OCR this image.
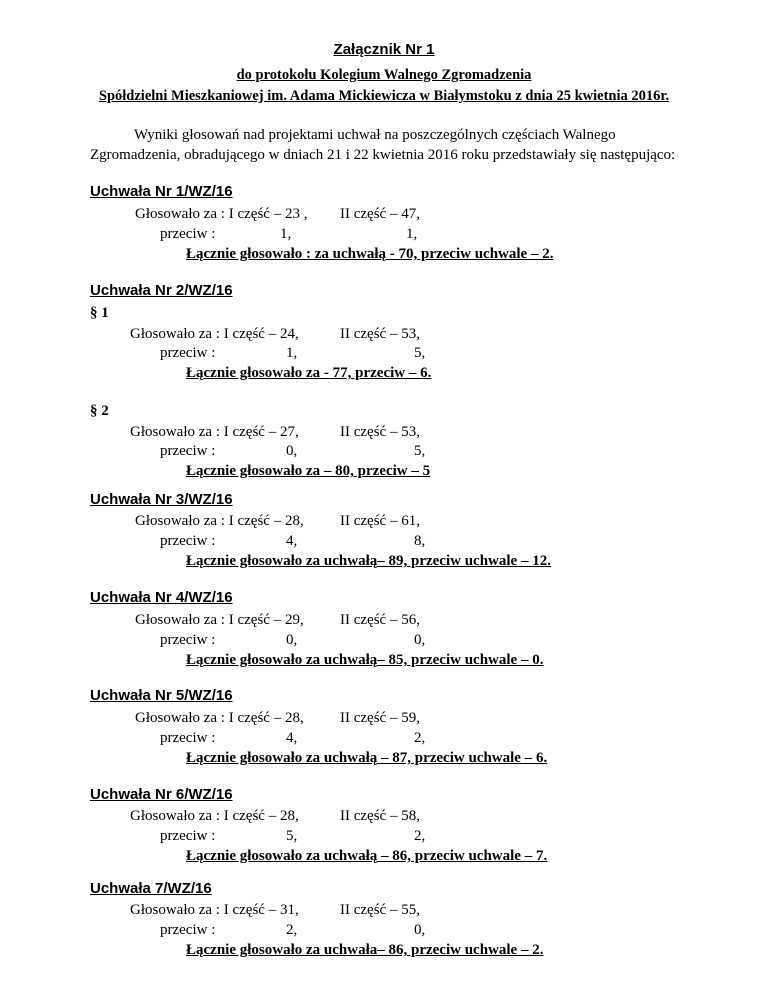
Załącznik Nr 1
do protokołu Kolegium Walnego Zgromadzenia
Spółdzielni Mieszkaniowej im. Adama Mickiewicza w Białymstoku z dnia 25 kwietnia 2016r.
Wyniki głosowań nad projektami uchwał na poszczególnych częściach Walnego
Zgromadzenia, obradującego w dniach 21 i 22 kwietnia 2016 roku przedstawiały się następująco:
Uchwała Nr 1/WZ/16
Głosowało za : I część – 23 , II część – 47,
przeciw :	1,	1,
Łącznie głosowało : za uchwałą - 70, przeciw uchwale – 2.
Uchwała Nr 2/WZ/16
§ 1
Głosowało za : I część – 24,	II część – 53,
przeciw :	1,	5,
Łącznie głosowało za - 77, przeciw – 6.
§ 2
Głosowało za : I część – 27,	II część – 53,
przeciw :	0,	5,
Łącznie głosowało za – 80, przeciw – 5
Uchwała Nr 3/WZ/16
Głosowało za : I część – 28, II część – 61,
przeciw :	4,	8,
Łącznie głosowało za uchwałą– 89, przeciw uchwale – 12.
Uchwała Nr 4/WZ/16
Głosowało za : I część – 29, II część – 56,
przeciw :	0,	0,
Łącznie głosowało za uchwałą– 85, przeciw uchwale – 0.
Uchwała Nr 5/WZ/16
Głosowało za : I część – 28, II część – 59,
przeciw :	4,	2,
Łącznie głosowało za uchwałą – 87, przeciw uchwale – 6.
Uchwała Nr 6/WZ/16
Głosowało za : I część – 28,	II część – 58,
przeciw :	5,	2,
Łącznie głosowało za uchwałą – 86, przeciw uchwale – 7.
Uchwała 7/WZ/16
Głosowało za : I część – 31,	II część – 55,
przeciw :	2,	0,
Łącznie głosowało za uchwała– 86, przeciw uchwale – 2.
